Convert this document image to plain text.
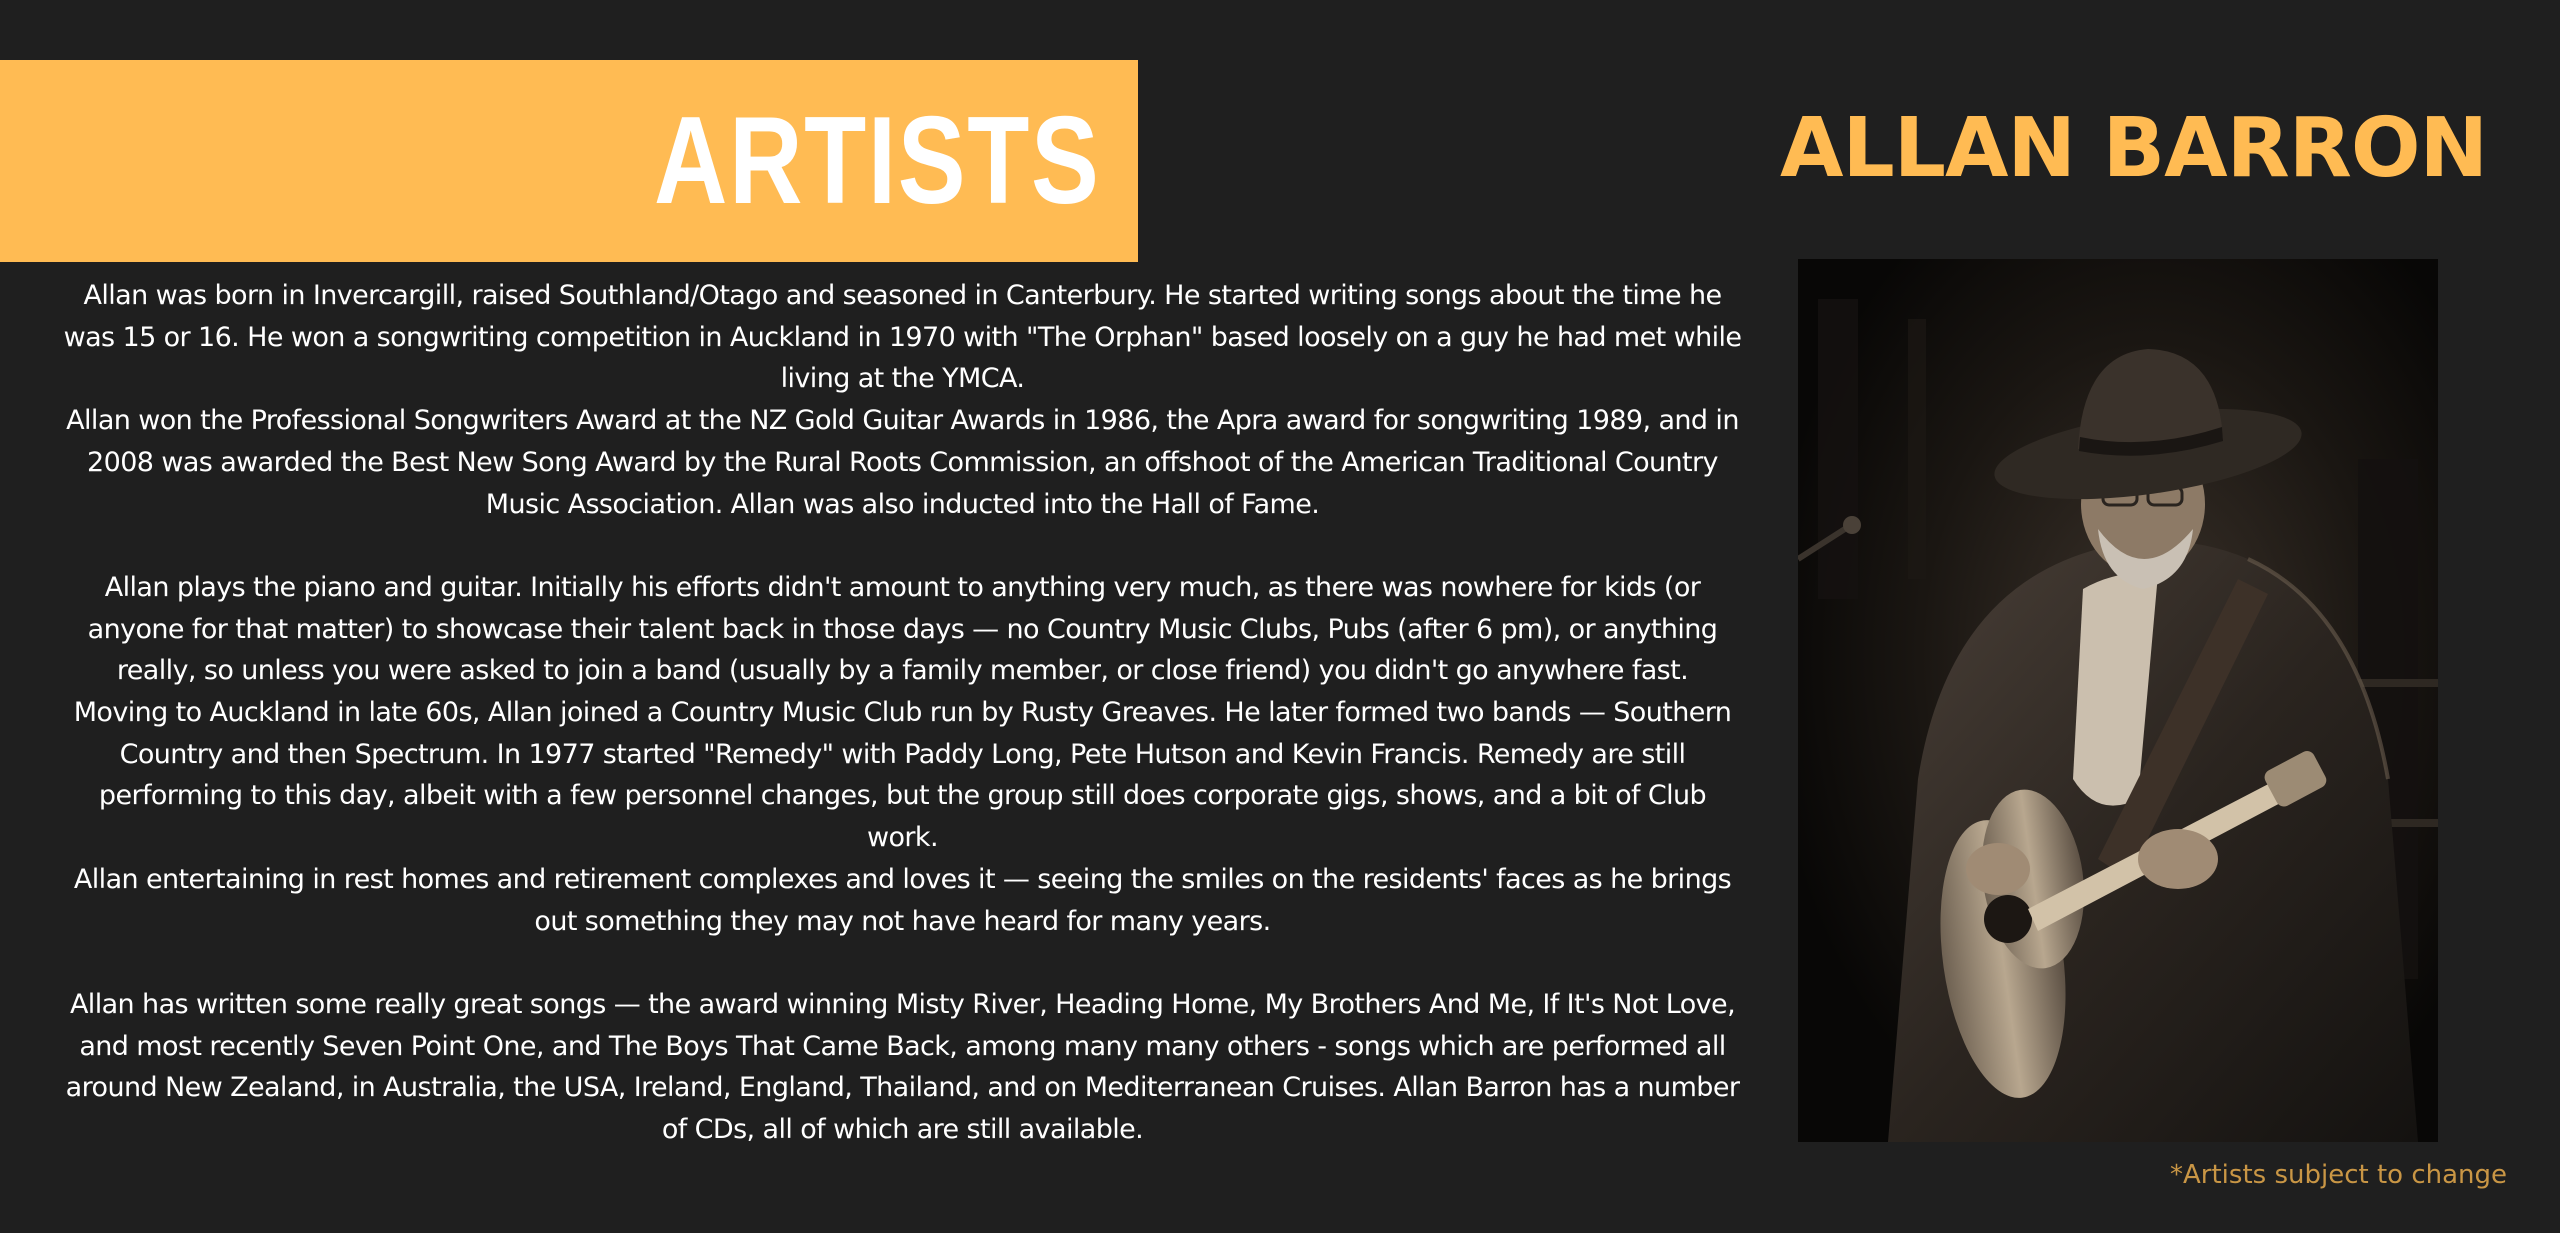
ARTISTS	ALLAN BARRON

Allan was born in Invercargill, raised Southland/Otago and seasoned in Canterbury. He started writing songs about the time he was 15 or 16. He won a songwriting competition in Auckland in 1970 with "The Orphan" based loosely on a guy he had met while living at the YMCA.

Allan won the Professional Songwriters Award at the NZ Gold Guitar Awards in 1986, the Apra award for songwriting 1989, and in 2008 was awarded the Best New Song Award by the Rural Roots Commission, an offshoot of the American Traditional Country Music Association. Allan was also inducted into the Hall of Fame.

Allan plays the piano and guitar. Initially his efforts didn't amount to anything very much, as there was nowhere for kids (or anyone for that matter) to showcase their talent back in those days — no Country Music Clubs, Pubs (after 6 pm), or anything really, so unless you were asked to join a band (usually by a family member, or close friend) you didn't go anywhere fast.

Moving to Auckland in late 60s, Allan joined a Country Music Club run by Rusty Greaves. He later formed two bands — Southern Country and then Spectrum. In 1977 started "Remedy" with Paddy Long, Pete Hutson and Kevin Francis. Remedy are still performing to this day, albeit with a few personnel changes, but the group still does corporate gigs, shows, and a bit of Club work.

Allan entertaining in rest homes and retirement complexes and loves it — seeing the smiles on the residents' faces as he brings out something they may not have heard for many years.

Allan has written some really great songs — the award winning Misty River, Heading Home, My Brothers And Me, If It's Not Love, and most recently Seven Point One, and The Boys That Came Back, among many many others - songs which are performed all around New Zealand, in Australia, the USA, Ireland, England, Thailand, and on Mediterranean Cruises. Allan Barron has a number of CDs, all of which are still available.

*Artists subject to change
